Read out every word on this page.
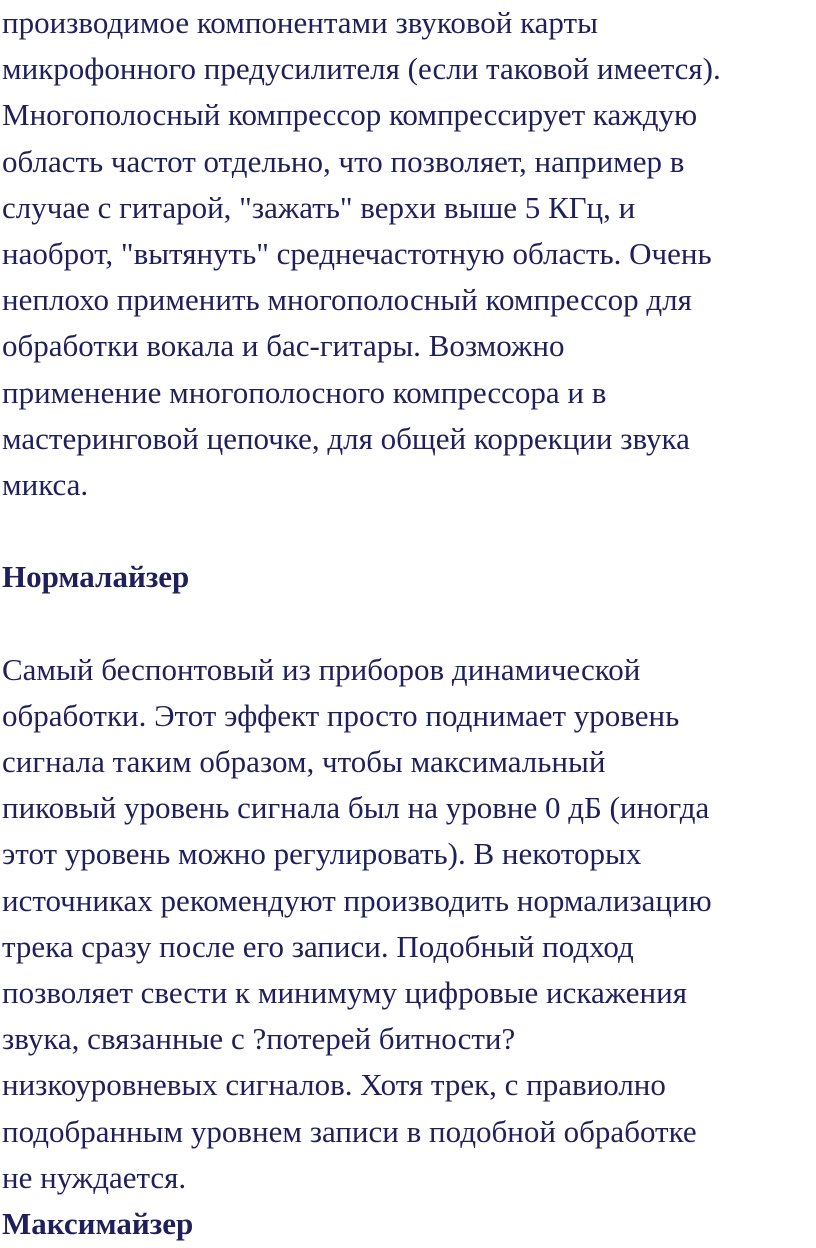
производимое компонентами звуковой карты
микрофонного предусилителя (если таковой имеется).
Многополосный компрессор компрессирует каждую
область частот отдельно, что позволяет, например в
случае с гитарой, "зажать" верхи выше 5 КГц, и
наоброт, "вытянуть" среднечастотную область. Очень
неплохо применить многополосный компрессор для
обработки вокала и бас-гитары. Возможно
применение многополосного компрессора и в
мастеринговой цепочке, для общей коррекции звука
микса.
Нормалайзер
Самый беспонтовый из приборов динамической
обработки. Этот эффект просто поднимает уровень
сигнала таким образом, чтобы максимальный
пиковый уровень сигнала был на уровне 0 дБ (иногда
этот уровень можно регулировать). В некоторых
источниках рекомендуют производить нормализацию
трека сразу после его записи. Подобный подход
позволяет свести к минимуму цифровые искажения
звука, связанные с ?потерей битности?
низкоуровневых сигналов. Хотя трек, с правиолно
подобранным уровнем записи в подобной обработке
не нуждается.
Максимайзер
